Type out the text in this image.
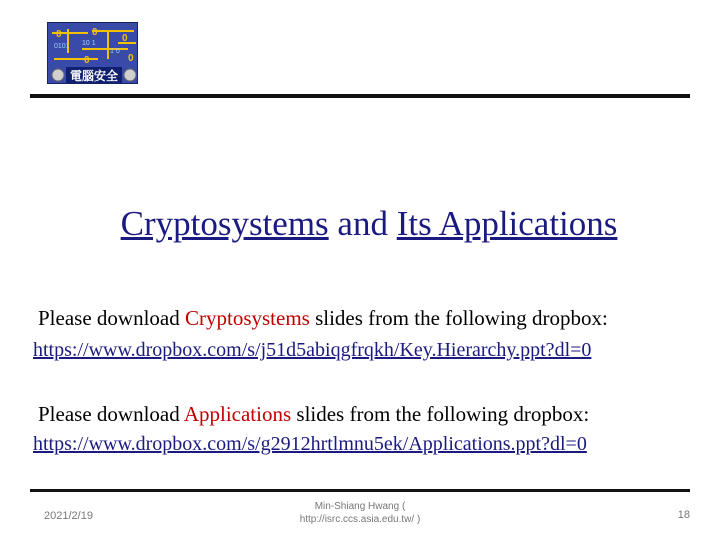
0	0
0
0	0
0101 10 1
1 0
電腦安全
Cryptosystems and Its Applications
Please download Cryptosystems slides from the following dropbox:
https://www.dropbox.com/s/j51d5abiqgfrqkh/Key.Hierarchy.ppt?dl=0
Please download Applications slides from the following dropbox:
https://www.dropbox.com/s/g2912hrtlmnu5ek/Applications.ppt?dl=0
2021/2/19
Min-Shiang Hwang (
http://isrc.ccs.asia.edu.tw/ )	18
